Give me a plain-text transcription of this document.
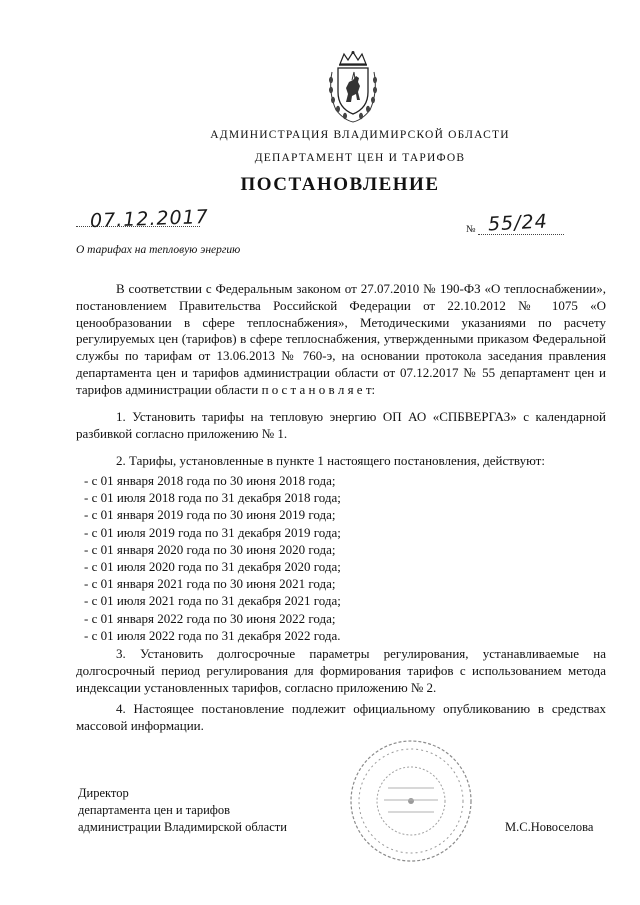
АДМИНИСТРАЦИЯ ВЛАДИМИРСКОЙ ОБЛАСТИ
ДЕПАРТАМЕНТ ЦЕН И ТАРИФОВ
ПОСТАНОВЛЕНИЕ
07.12.2017	№ 55/24
О тарифах на тепловую энергию
В соответствии с Федеральным законом от 27.07.2010 № 190-ФЗ «О теплоснабжении», постановлением Правительства Российской Федерации от 22.10.2012 № 1075 «О ценообразовании в сфере теплоснабжения», Методическими указаниями по расчету регулируемых цен (тарифов) в сфере теплоснабжения, утвержденными приказом Федеральной службы по тарифам от 13.06.2013 № 760-э, на основании протокола заседания правления департамента цен и тарифов администрации области от 07.12.2017 № 55 департамент цен и тарифов администрации области п о с т а н о в л я е т:
1. Установить тарифы на тепловую энергию ОП АО «СПБВЕРГАЗ» с календарной разбивкой согласно приложению № 1.
2. Тарифы, установленные в пункте 1 настоящего постановления, действуют:
- с 01 января 2018 года по 30 июня 2018 года;
- с 01 июля 2018 года по 31 декабря 2018 года;
- с 01 января 2019 года по 30 июня 2019 года;
- с 01 июля 2019 года по 31 декабря 2019 года;
- с 01 января 2020 года по 30 июня 2020 года;
- с 01 июля 2020 года по 31 декабря 2020 года;
- с 01 января 2021 года по 30 июня 2021 года;
- с 01 июля 2021 года по 31 декабря 2021 года;
- с 01 января 2022 года по 30 июня 2022 года;
- с 01 июля 2022 года по 31 декабря 2022 года.
3. Установить долгосрочные параметры регулирования, устанавливаемые на долгосрочный период регулирования для формирования тарифов с использованием метода индексации установленных тарифов, согласно приложению № 2.
4. Настоящее постановление подлежит официальному опубликованию в средствах массовой информации.
Директор
департамента цен и тарифов
администрации Владимирской области	М.С.Новоселова
